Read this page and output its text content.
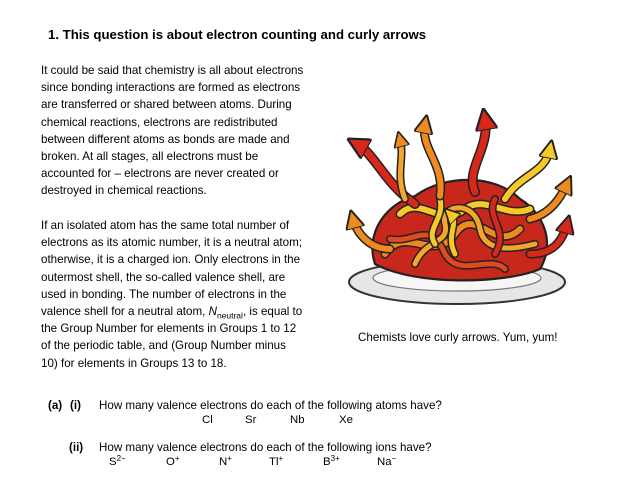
1. This question is about electron counting and curly arrows
It could be said that chemistry is all about electrons
since bonding interactions are formed as electrons
are transferred or shared between atoms. During
chemical reactions, electrons are redistributed
between different atoms as bonds are made and
broken. At all stages, all electrons must be
accounted for – electrons are never created or
destroyed in chemical reactions.
If an isolated atom has the same total number of
electrons as its atomic number, it is a neutral atom;
otherwise, it is a charged ion. Only electrons in the
outermost shell, the so-called valence shell, are
used in bonding. The number of electrons in the
valence shell for a neutral atom, $N_{neutral}$, is equal to
the Group Number for elements in Groups 1 to 12
of the periodic table, and (Group Number minus
10) for elements in Groups 13 to 18.
Chemists love curly arrows. Yum, yum!
(a) (i) How many valence electrons do each of the following atoms have?
Cl	Sr	Nb	Xe
(ii) How many valence electrons do each of the following ions have?
$S^{2-}$	O+	N+	Tl+	$B^{3+}$	Na−
